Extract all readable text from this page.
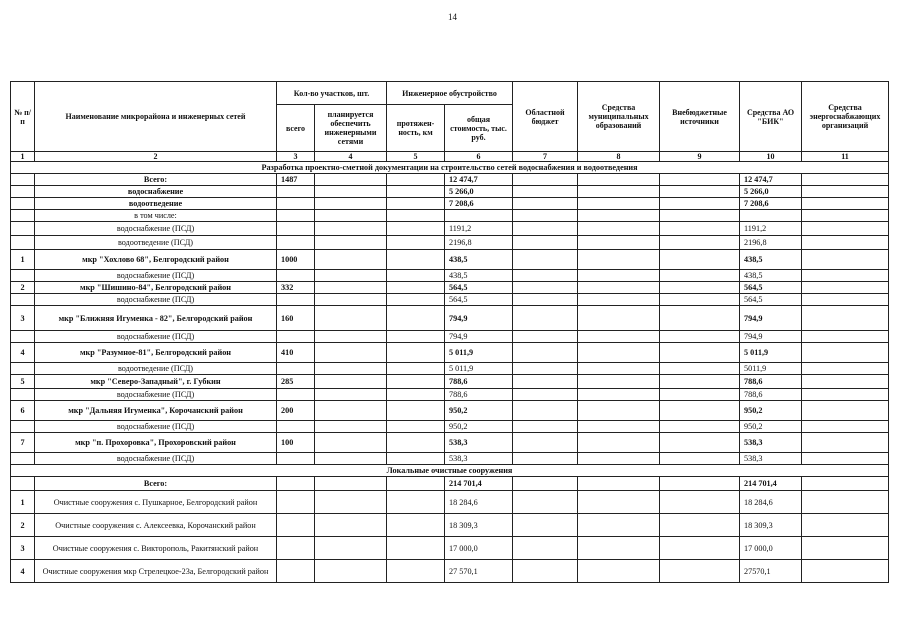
14
№ п/п	Наименование микрорайона и инженерных сетей	Кол-во участков, шт.		Инженерное обустройство		Областной бюджет	Средства муниципальных образований	Внебюджетные источники	Средства АО "БИК"	Средства энергоснабжающих организаций
		всего	планируется обеспечить инженерными сетями	протяжен-ность, км	общая стоимость, тыс. руб.					
1	2	3	4	5	6	7	8	9	10	11
Разработка проектно-сметной документации на строительство сетей водоснабжения и водоотведения										
	Всего:	1487			12 474,7				12 474,7	
	водоснабжение				5 266,0				5 266,0	
	водоотведение				7 208,6				7 208,6	
	в том числе:									
	водоснабжение (ПСД)				1191,2				1191,2	
	водоотведение (ПСД)				2196,8				2196,8	
1	мкр "Хохлово 68", Белгородский район	1000			438,5				438,5	
	водоснабжение (ПСД)				438,5				438,5	
2	мкр "Шишино-84", Белгородский район	332			564,5				564,5	
	водоснабжение (ПСД)				564,5				564,5	
3	мкр "Ближняя Игуменка - 82", Белгородский район	160			794,9				794,9	
	водоснабжение (ПСД)				794,9				794,9	
4	мкр "Разумное-81", Белгородский район	410			5 011,9				5 011,9	
	водоотведение (ПСД)				5 011,9				5011,9	
5	мкр "Северо-Западный", г. Губкин	285			788,6				788,6	
	водоснабжение (ПСД)				788,6				788,6	
6	мкр "Дальняя Игуменка", Корочанский район	200			950,2				950,2	
	водоснабжение (ПСД)				950,2				950,2	
7	мкр "п. Прохоровка", Прохоровский район	100			538,3				538,3	
	водоснабжение (ПСД)				538,3				538,3	
Локальные очистные сооружения										
	Всего:				214 701,4				214 701,4	
1	Очистные сооружения с. Пушкарное, Белгородский район				18 284,6				18 284,6	
2	Очистные сооружения с. Алексеевка, Корочанский район				18 309,3				18 309,3	
3	Очистные сооружения с. Викторополь, Ракитянский район				17 000,0				17 000,0	
4	Очистные сооружения мкр Стрелецкое-23а, Белгородский район				27 570,1				27570,1	
